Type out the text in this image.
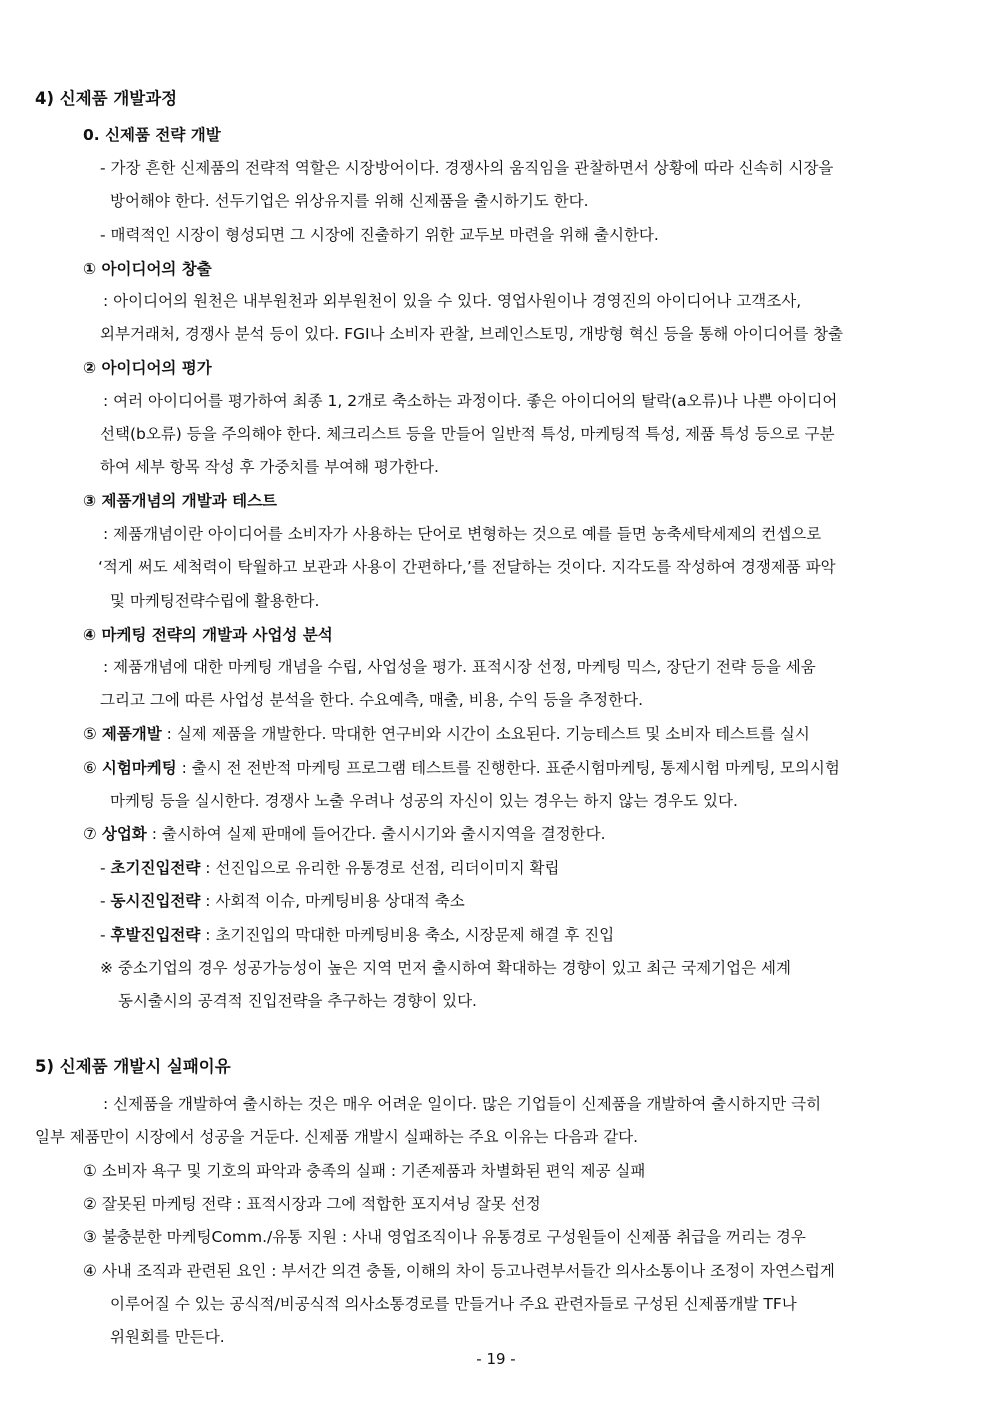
4) 신제품 개발과정
0. 신제품 전략 개발
- 가장 흔한 신제품의 전략적 역할은 시장방어이다. 경쟁사의 움직임을 관찰하면서 상황에 따라 신속히 시장을
방어해야 한다. 선두기업은 위상유지를 위해 신제품을 출시하기도 한다.
- 매력적인 시장이 형성되면 그 시장에 진출하기 위한 교두보 마련을 위해 출시한다.
① 아이디어의 창출
: 아이디어의 원천은 내부원천과 외부원천이 있을 수 있다. 영업사원이나 경영진의 아이디어나 고객조사,
외부거래처, 경쟁사 분석 등이 있다. FGI나 소비자 관찰, 브레인스토밍, 개방형 혁신 등을 통해 아이디어를 창출
② 아이디어의 평가
: 여러 아이디어를 평가하여 최종 1, 2개로 축소하는 과정이다. 좋은 아이디어의 탈락(a오류)나 나쁜 아이디어
선택(b오류) 등을 주의해야 한다. 체크리스트 등을 만들어 일반적 특성, 마케팅적 특성, 제품 특성 등으로 구분
하여 세부 항목 작성 후 가중치를 부여해 평가한다.
③ 제품개념의 개발과 테스트
: 제품개념이란 아이디어를 소비자가 사용하는 단어로 변형하는 것으로 예를 들면 농축세탁세제의 컨셉으로
‘적게 써도 세척력이 탁월하고 보관과 사용이 간편하다,’를 전달하는 것이다. 지각도를 작성하여 경쟁제품 파악
및 마케팅전략수립에 활용한다.
④ 마케팅 전략의 개발과 사업성 분석
: 제품개념에 대한 마케팅 개념을 수립, 사업성을 평가. 표적시장 선정, 마케팅 믹스, 장단기 전략 등을 세움
그리고 그에 따른 사업성 분석을 한다. 수요예측, 매출, 비용, 수익 등을 추정한다.
⑤ 제품개발 : 실제 제품을 개발한다. 막대한 연구비와 시간이 소요된다. 기능테스트 및 소비자 테스트를 실시
⑥ 시험마케팅 : 출시 전 전반적 마케팅 프로그램 테스트를 진행한다. 표준시험마케팅, 통제시험 마케팅, 모의시험
마케팅 등을 실시한다. 경쟁사 노출 우려나 성공의 자신이 있는 경우는 하지 않는 경우도 있다.
⑦ 상업화 : 출시하여 실제 판매에 들어간다. 출시시기와 출시지역을 결정한다.
- 초기진입전략 : 선진입으로 유리한 유통경로 선점, 리더이미지 확립
- 동시진입전략 : 사회적 이슈, 마케팅비용 상대적 축소
- 후발진입전략 : 초기진입의 막대한 마케팅비용 축소, 시장문제 해결 후 진입
※ 중소기업의 경우 성공가능성이 높은 지역 먼저 출시하여 확대하는 경향이 있고 최근 국제기업은 세계
동시출시의 공격적 진입전략을 추구하는 경향이 있다.
5) 신제품 개발시 실패이유
: 신제품을 개발하여 출시하는 것은 매우 어려운 일이다. 많은 기업들이 신제품을 개발하여 출시하지만 극히
일부 제품만이 시장에서 성공을 거둔다. 신제품 개발시 실패하는 주요 이유는 다음과 같다.
① 소비자 욕구 및 기호의 파악과 충족의 실패 : 기존제품과 차별화된 편익 제공 실패
② 잘못된 마케팅 전략 : 표적시장과 그에 적합한 포지셔닝 잘못 선정
③ 불충분한 마케팅Comm./유통 지원 : 사내 영업조직이나 유통경로 구성원들이 신제품 취급을 꺼리는 경우
④ 사내 조직과 관련된 요인 : 부서간 의견 충돌, 이해의 차이 등고나련부서들간 의사소통이나 조정이 자연스럽게
이루어질 수 있는 공식적/비공식적 의사소통경로를 만들거나 주요 관련자들로 구성된 신제품개발 TF나
위원회를 만든다.
- 19 -
